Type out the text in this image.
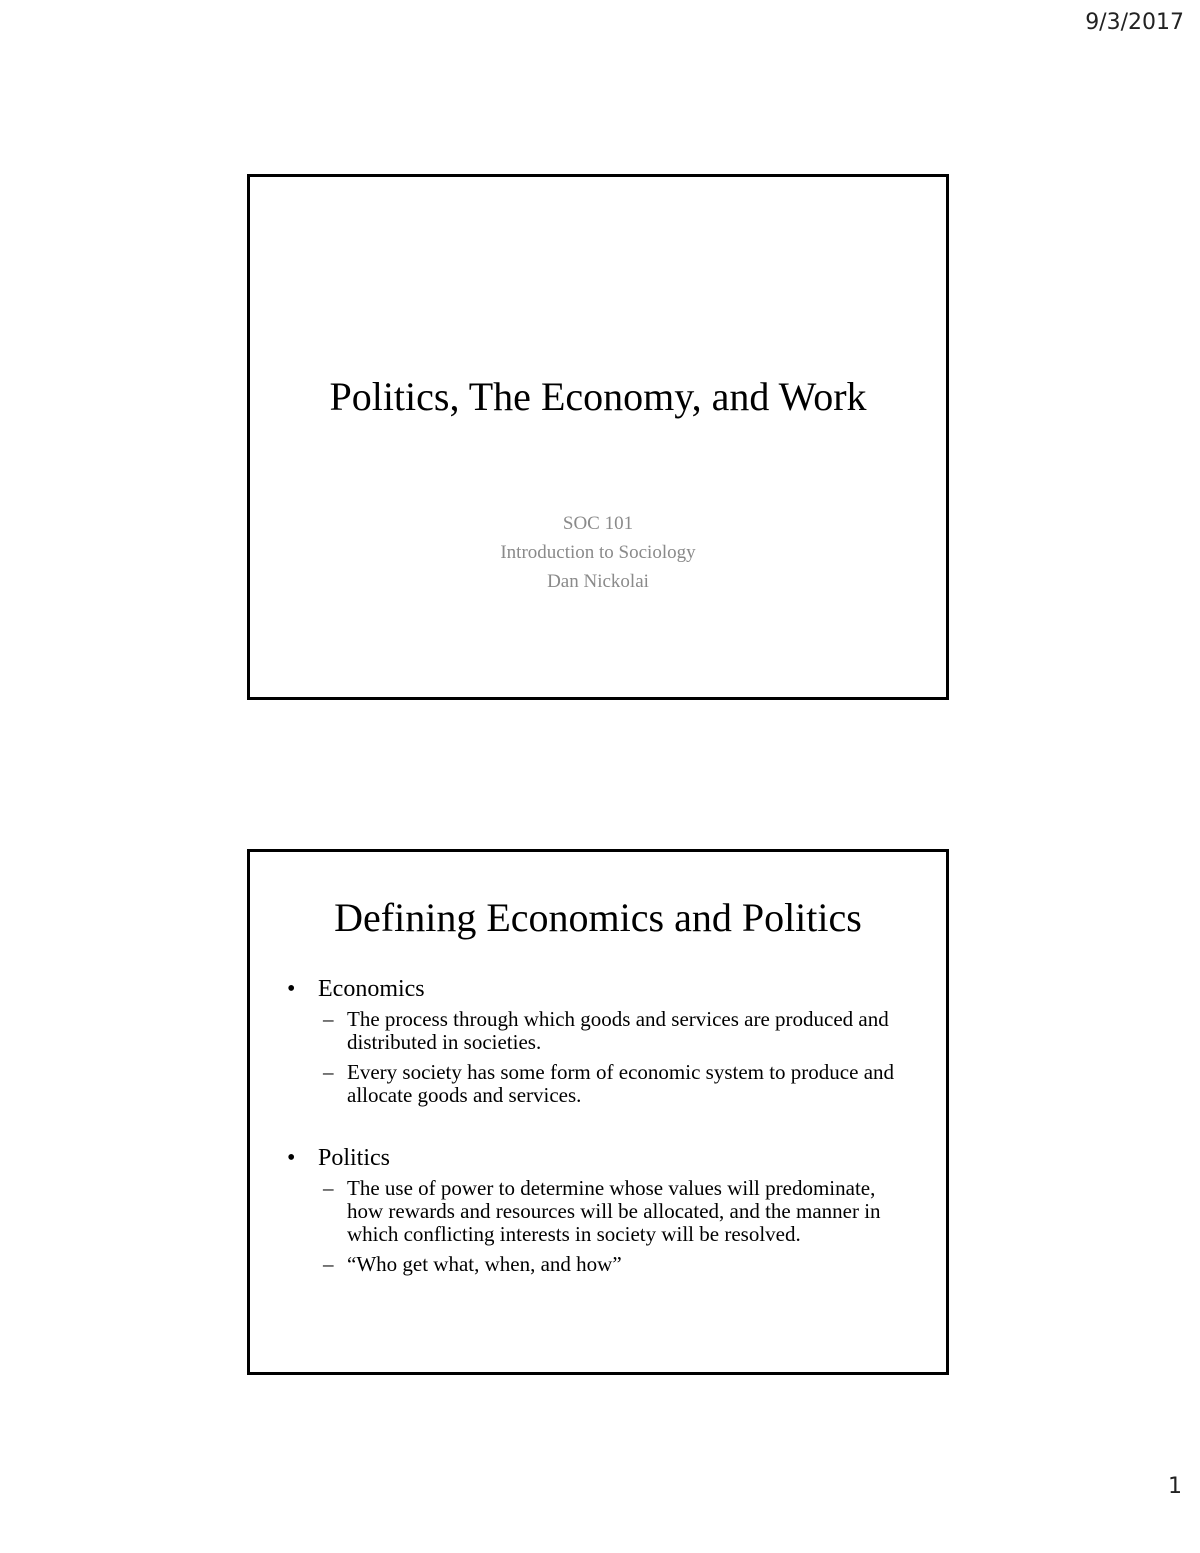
9/3/2017
Politics, The Economy, and Work
SOC 101
Introduction to Sociology
Dan Nickolai
Defining Economics and Politics
• Economics
– The process through which goods and services are produced and distributed in societies.
– Every society has some form of economic system to produce and allocate goods and services.
• Politics
– The use of power to determine whose values will predominate, how rewards and resources will be allocated, and the manner in which conflicting interests in society will be resolved.
– “Who get what, when, and how”
1
